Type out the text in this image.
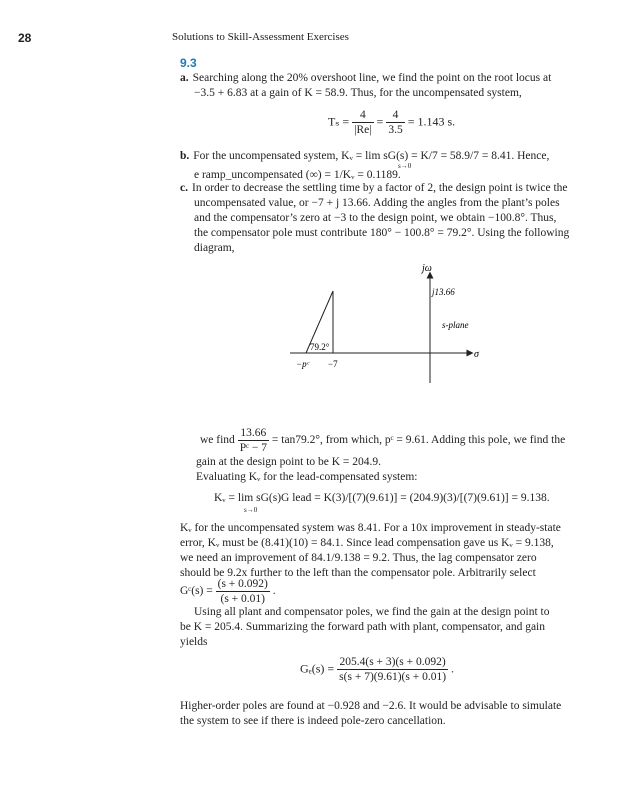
28	Solutions to Skill-Assessment Exercises
9.3
a. Searching along the 20% overshoot line, we find the point on the root locus at
−3.5 + 6.83 at a gain of K = 58.9. Thus, for the uncompensated system,
$T_s = \frac{4}{|Re|} = \frac{4}{3.5} = 1.143$ s.
b. For the uncompensated system, Kᵥ = lim sG(s) = K/7 = 58.9/7 = 8.41. Hence,
s→0
e ramp_uncompensated (∞) = 1/Kᵥ = 0.1189.
c. In order to decrease the settling time by a factor of 2, the design point is twice the
uncompensated value, or −7 + j 13.66. Adding the angles from the plant’s poles
and the compensator’s zero at −3 to the design point, we obtain −100.8°. Thus,
the compensator pole must contribute 180° − 100.8° = 79.2°. Using the following
diagram,
jω
j13.66
s-plane
σ
79.2°
−pᶜ −7
we find $\frac{13.66}{\text{Pᶜ − 7}} = \tan 79.2^\circ$, from which, pᶜ = 9.61. Adding this pole, we find the
gain at the design point to be K = 204.9.
Evaluating Kᵥ for the lead-compensated system:
Kᵥ = lim sG(s)G lead = K(3)/[(7)(9.61)] = (204.9)(3)/[(7)(9.61)] = 9.138.
s→0
Kᵥ for the uncompensated system was 8.41. For a 10x improvement in steady-state
error, Kᵥ must be (8.41)(10) = 84.1. Since lead compensation gave us Kᵥ = 9.138,
we need an improvement of 84.1/9.138 = 9.2. Thus, the lag compensator zero
should be 9.2x further to the left than the compensator pole. Arbitrarily select
Gᶜ(s) = $\frac{(s + 0.092)}{(s + 0.01)}$ .
Using all plant and compensator poles, we find the gain at the design point to
be K = 205.4. Summarizing the forward path with plant, compensator, and gain
yields
$G_e(s) = \frac{205.4(s + 3)(s + 0.092)}{s(s + 7)(9.61)(s + 0.01)}$ .
Higher-order poles are found at −0.928 and −2.6. It would be advisable to simulate
the system to see if there is indeed pole-zero cancellation.
